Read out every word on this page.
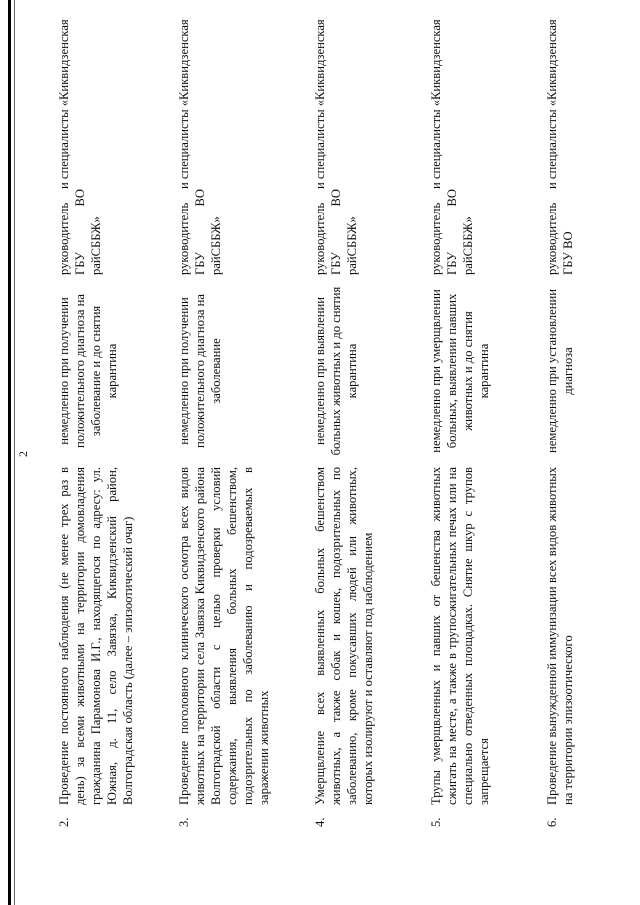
2
2.
Проведение постоянного наблюдения (не менее трех раз в день) за всеми животными на территории домовладения гражданина Парамонова И.Г., находящегося по адресу: ул. Южная, д. 11, село Завязка, Киквидзенский район, Волгоградская область (далее – эпизоотический очаг)
немедленно при получении положительного диагноза на заболевание и до снятия карантина
руководитель ГБУ ВО райСББЖ»
и специалисты «Киквидзенская
3.
Проведение поголовного клинического осмотра всех видов животных на территории села Завязка Киквидзенского района Волгоградской области с целью проверки условий содержания, выявления больных бешенством, подозрительных по заболеванию и подозреваемых в заражении животных
немедленно при получении положительного диагноза на заболевание
руководитель ГБУ ВО райСББЖ»
и специалисты «Киквидзенская
4.
Умерщвление всех выявленных больных бешенством животных, а также собак и кошек, подозрительных по заболеванию, кроме покусавших людей или животных, которых изолируют и оставляют под наблюдением
немедленно при выявлении больных животных и до снятия карантина
руководитель ГБУ ВО райСББЖ»
и специалисты «Киквидзенская
5.
Трупы умерщвленных и павших от бешенства животных сжигать на месте, а также в трупосжигательных печах или на специально отведенных площадках. Снятие шкур с трупов запрещается
немедленно при умерщвлении больных, выявлении павших животных и до снятия карантина
руководитель ГБУ ВО райСББЖ»
и специалисты «Киквидзенская
6.
Проведение вынужденной иммунизации всех видов животных на территории эпизоотического
немедленно при установлении диагноза
руководитель ГБУ ВО
и специалисты «Киквидзенская
